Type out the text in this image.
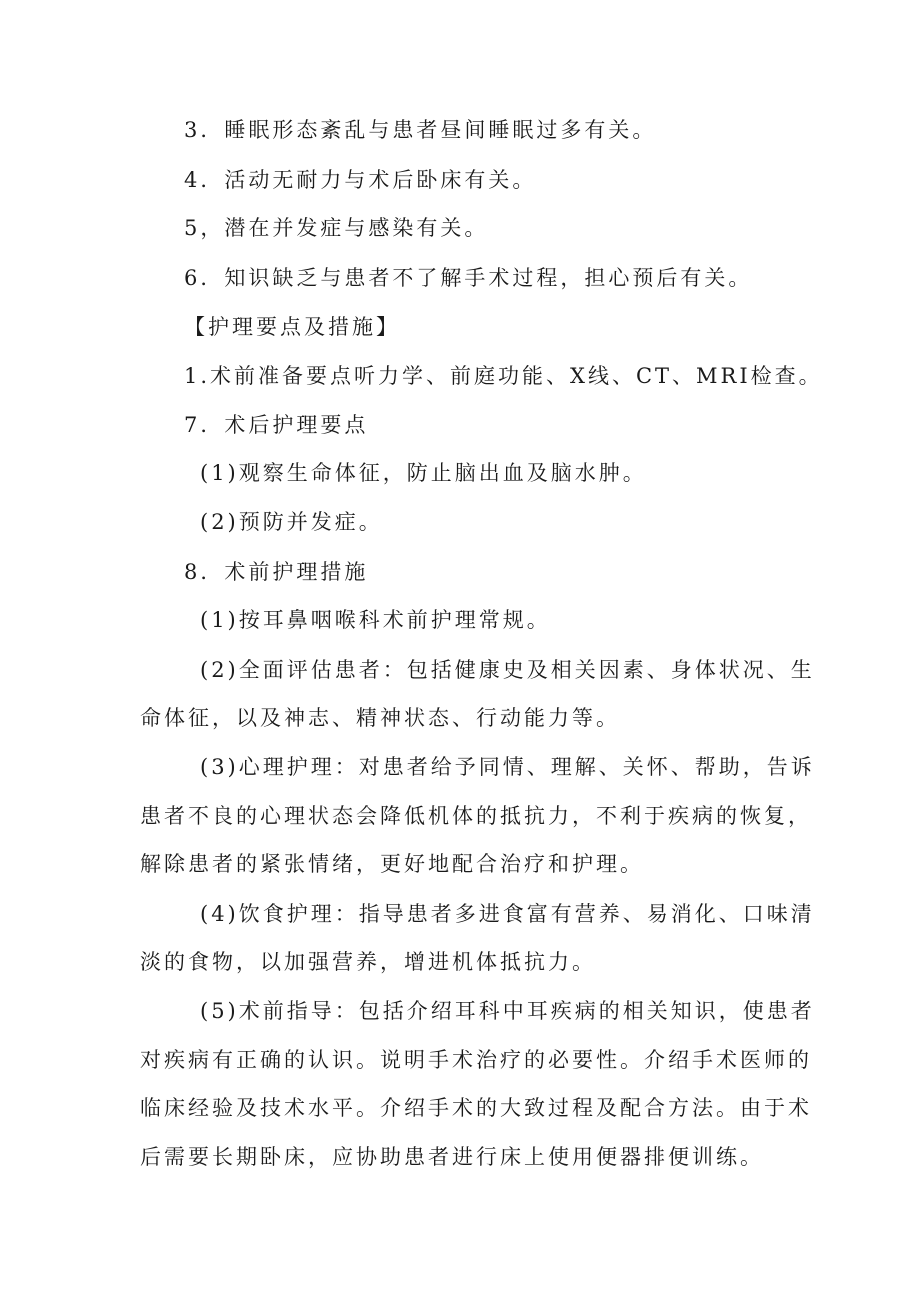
3．睡眠形态紊乱与患者昼间睡眠过多有关。
4．活动无耐力与术后卧床有关。
5，潜在并发症与感染有关。
6．知识缺乏与患者不了解手术过程，担心预后有关。
【护理要点及措施】
1.术前准备要点听力学、前庭功能、X线、CT、MRI检查。
7．术后护理要点
(1)观察生命体征，防止脑出血及脑水肿。
(2)预防并发症。
8．术前护理措施
(1)按耳鼻咽喉科术前护理常规。
(2)全面评估患者：包括健康史及相关因素、身体状况、生
命体征，以及神志、精神状态、行动能力等。
(3)心理护理：对患者给予同情、理解、关怀、帮助，告诉
患者不良的心理状态会降低机体的抵抗力，不利于疾病的恢复，
解除患者的紧张情绪，更好地配合治疗和护理。
(4)饮食护理：指导患者多进食富有营养、易消化、口味清
淡的食物，以加强营养，增进机体抵抗力。
(5)术前指导：包括介绍耳科中耳疾病的相关知识，使患者
对疾病有正确的认识。说明手术治疗的必要性。介绍手术医师的
临床经验及技术水平。介绍手术的大致过程及配合方法。由于术
后需要长期卧床，应协助患者进行床上使用便器排便训练。
